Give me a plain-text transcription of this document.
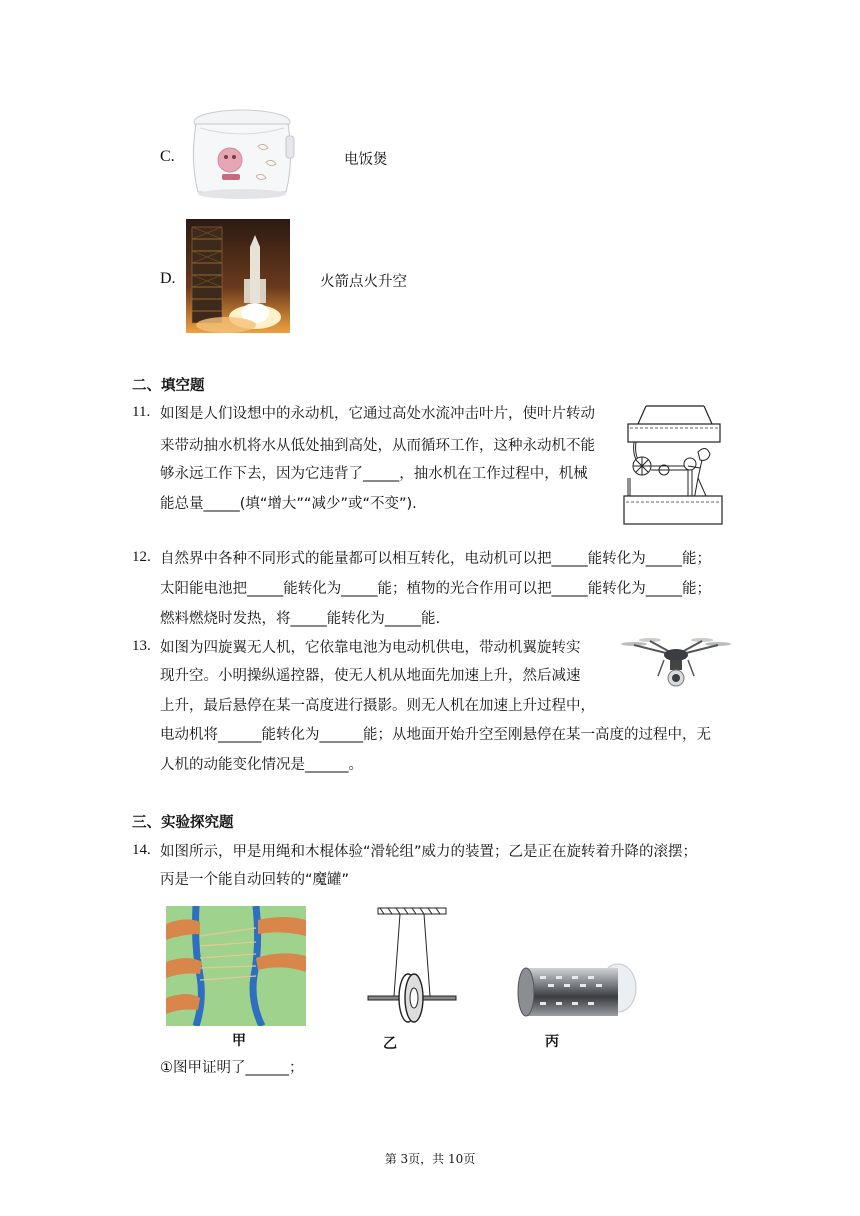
C.	电饭煲
D.	火箭点火升空
二、填空题
11. 如图是人们设想中的永动机，它通过高处水流冲击叶片，使叶片转动
来带动抽水机将水从低处抽到高处，从而循环工作，这种永动机不能
够永远工作下去，因为它违背了_____，抽水机在工作过程中，机械
能总量_____(填“增大”“减少”或“不变”).
12. 自然界中各种不同形式的能量都可以相互转化，电动机可以把_____能转化为_____能；
太阳能电池把_____能转化为_____能；植物的光合作用可以把_____能转化为_____能；
燃料燃烧时发热，将_____能转化为_____能.
13. 如图为四旋翼无人机，它依靠电池为电动机供电，带动机翼旋转实
现升空。小明操纵遥控器，使无人机从地面先加速上升，然后减速
上升，最后悬停在某一高度进行摄影。则无人机在加速上升过程中，
电动机将______能转化为______能；从地面开始升空至刚悬停在某一高度的过程中，无
人机的动能变化情况是______。
三、实验探究题
14. 如图所示，甲是用绳和木棍体验“滑轮组”威力的装置；乙是正在旋转着升降的滚摆；
丙是一个能自动回转的“魔罐”
甲	乙	丙
①图甲证明了______；
第 3页，共 10页
